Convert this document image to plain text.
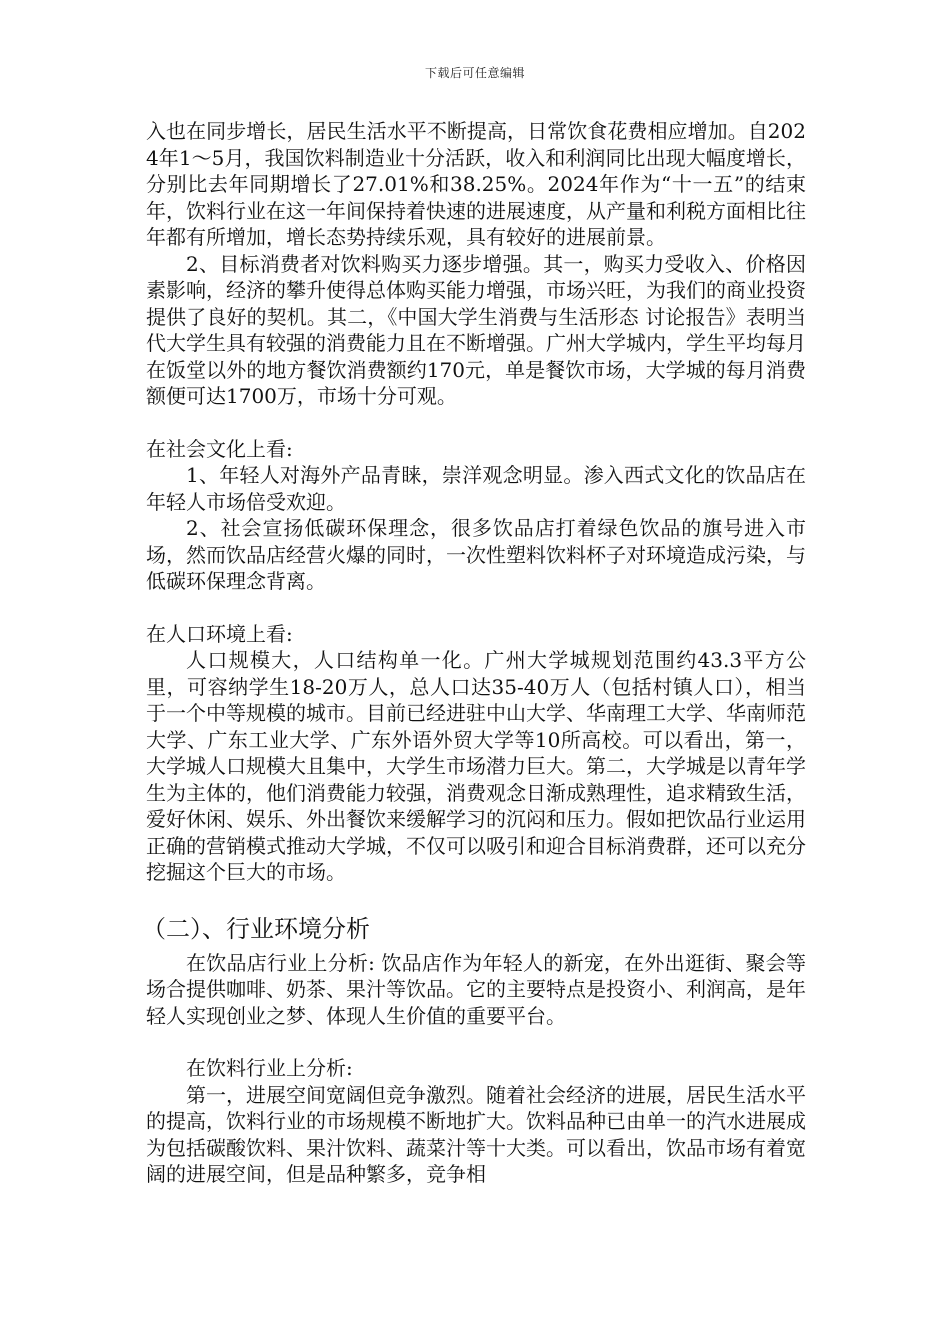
下载后可任意编辑

入也在同步增长，居民生活水平不断提高，日常饮食花费相应增加。自2024年1～5月，我国饮料制造业十分活跃，收入和利润同比出现大幅度增长，分别比去年同期增长了27.01%和38.25%。2024年作为“十一五”的结束年，饮料行业在这一年间保持着快速的进展速度，从产量和利税方面相比往年都有所增加，增长态势持续乐观，具有较好的进展前景。

2、目标消费者对饮料购买力逐步增强。其一，购买力受收入、价格因素影响，经济的攀升使得总体购买能力增强，市场兴旺，为我们的商业投资提供了良好的契机。其二，《中国大学生消费与生活形态 讨论报告》表明当代大学生具有较强的消费能力且在不断增强。广州大学城内，学生平均每月在饭堂以外的地方餐饮消费额约170元，单是餐饮市场，大学城的每月消费额便可达1700万，市场十分可观。

在社会文化上看:

1、年轻人对海外产品青睐，崇洋观念明显。渗入西式文化的饮品店在年轻人市场倍受欢迎。

2、社会宣扬低碳环保理念，很多饮品店打着绿色饮品的旗号进入市场，然而饮品店经营火爆的同时，一次性塑料饮料杯子对环境造成污染，与低碳环保理念背离。

在人口环境上看:

人口规模大，人口结构单一化。广州大学城规划范围约43.3平方公里，可容纳学生18-20万人，总人口达35-40万人（包括村镇人口），相当于一个中等规模的城市。目前已经进驻中山大学、华南理工大学、华南师范大学、广东工业大学、广东外语外贸大学等10所高校。可以看出，第一，大学城人口规模大且集中，大学生市场潜力巨大。第二，大学城是以青年学生为主体的，他们消费能力较强，消费观念日渐成熟理性，追求精致生活，爱好休闲、娱乐、外出餐饮来缓解学习的沉闷和压力。假如把饮品行业运用正确的营销模式推动大学城，不仅可以吸引和迎合目标消费群，还可以充分挖掘这个巨大的市场。

（二）、行业环境分析

在饮品店行业上分析: 饮品店作为年轻人的新宠，在外出逛街、聚会等场合提供咖啡、奶茶、果汁等饮品。它的主要特点是投资小、利润高，是年轻人实现创业之梦、体现人生价值的重要平台。

在饮料行业上分析:

第一，进展空间宽阔但竞争激烈。随着社会经济的进展，居民生活水平的提高，饮料行业的市场规模不断地扩大。饮料品种已由单一的汽水进展成为包括碳酸饮料、果汁饮料、蔬菜汁等十大类。可以看出，饮品市场有着宽阔的进展空间，但是品种繁多，竞争相
